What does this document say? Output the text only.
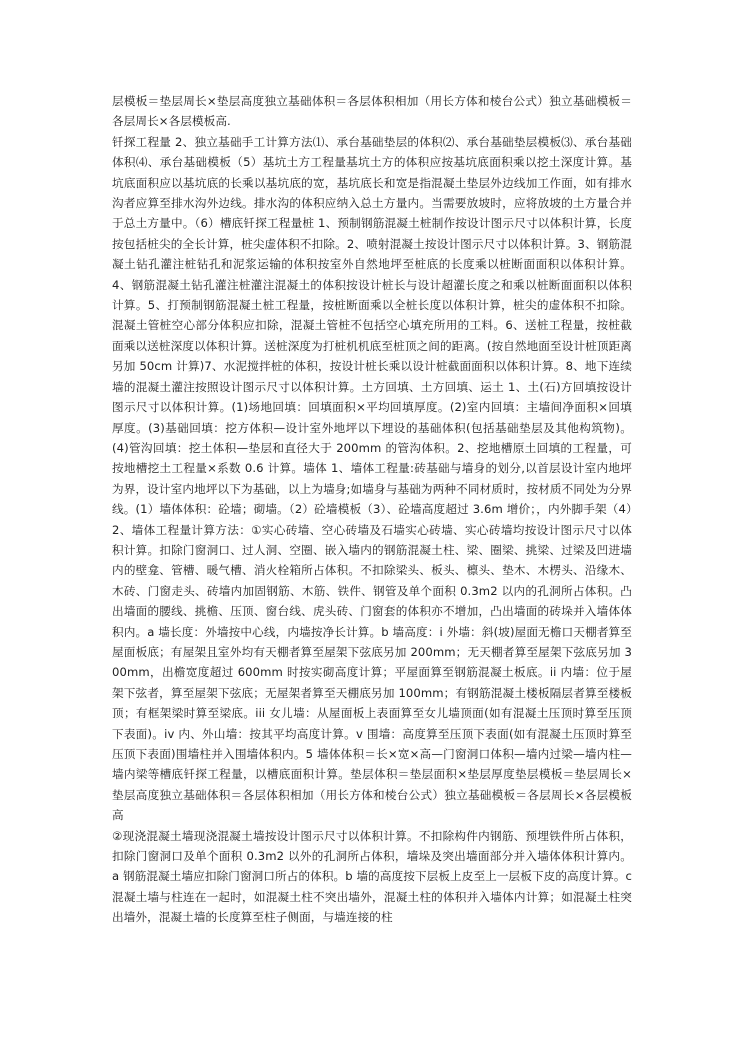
层模板＝垫层周长×垫层高度独立基础体积＝各层体积相加（用长方体和棱台公式）独立基础模板＝各层周长×各层模板高.

钎探工程量 2、独立基础手工计算方法⑴、承台基础垫层的体积⑵、承台基础垫层模板⑶、承台基础体积⑷、承台基础模板（5）基坑土方工程量基坑土方的体积应按基坑底面积乘以挖土深度计算。基坑底面积应以基坑底的长乘以基坑底的宽，基坑底长和宽是指混凝土垫层外边线加工作面，如有排水沟者应算至排水沟外边线。排水沟的体积应纳入总土方量内。当需要放坡时，应将放坡的土方量合并于总土方量中。（6）槽底钎探工程量桩 1、预制钢筋混凝土桩制作按设计图示尺寸以体积计算，长度按包括桩尖的全长计算，桩尖虚体积不扣除。2、喷射混凝土按设计图示尺寸以体积计算。3、钢筋混凝土钻孔灌注桩钻孔和泥浆运输的体积按室外自然地坪至桩底的长度乘以桩断面面积以体积计算。4、钢筋混凝土钻孔灌注桩灌注混凝土的体积按设计桩长与设计超灌长度之和乘以桩断面面积以体积计算。5、打预制钢筋混凝土桩工程量，按桩断面乘以全桩长度以体积计算，桩尖的虚体积不扣除。混凝土管桩空心部分体积应扣除，混凝土管桩不包括空心填充所用的工料。6、送桩工程量，按桩截面乘以送桩深度以体积计算。送桩深度为打桩机机底至桩顶之间的距离。(按自然地面至设计桩顶距离另加 50cm 计算)7、水泥搅拌桩的体积，按设计桩长乘以设计桩截面面积以体积计算。8、地下连续墙的混凝土灌注按照设计图示尺寸以体积计算。土方回填、土方回填、运土 1、土(石)方回填按设计图示尺寸以体积计算。(1)场地回填：回填面积×平均回填厚度。(2)室内回填：主墙间净面积×回填厚度。(3)基础回填：挖方体积—设计室外地坪以下埋设的基础体积(包括基础垫层及其他构筑物)。(4)管沟回填：挖土体积—垫层和直径大于 200mm 的管沟体积。2、挖地槽原土回填的工程量，可按地槽挖土工程量×系数 0.6 计算。墙体 1、墙体工程量:砖基础与墙身的划分,以首层设计室内地坪为界，设计室内地坪以下为基础，以上为墙身;如墙身与基础为两种不同材质时，按材质不同处为分界线。(1）墙体体积：砼墙；砌墙。（2）砼墙模板（3）、砼墙高度超过 3.6m 增价；，内外脚手架（4）2、墙体工程量计算方法：①实心砖墙、空心砖墙及石墙实心砖墙、实心砖墙均按设计图示尺寸以体积计算。扣除门窗洞口、过人洞、空圈、嵌入墙内的钢筋混凝土柱、梁、圈梁、挑梁、过梁及凹进墙内的壁龛、管槽、暖气槽、消火栓箱所占体积。不扣除梁头、板头、檩头、垫木、木楞头、沿缘木、木砖、门窗走头、砖墙内加固钢筋、木筋、铁件、钢管及单个面积 0.3m2 以内的孔洞所占体积。凸出墙面的腰线、挑檐、压顶、窗台线、虎头砖、门窗套的体积亦不增加，凸出墙面的砖垛并入墙体体积内。a 墙长度：外墙按中心线，内墙按净长计算。b 墙高度：i 外墙：斜(坡)屋面无檐口天棚者算至屋面板底；有屋架且室外均有天棚者算至屋架下弦底另加 200mm；无天棚者算至屋架下弦底另加 300mm，出檐宽度超过 600mm 时按实砌高度计算；平屋面算至钢筋混凝土板底。ii 内墙：位于屋架下弦者，算至屋架下弦底；无屋架者算至天棚底另加 100mm；有钢筋混凝土楼板隔层者算至楼板顶；有框架梁时算至梁底。iii 女儿墙：从屋面板上表面算至女儿墙顶面(如有混凝土压顶时算至压顶下表面)。iv 内、外山墙：按其平均高度计算。v 围墙：高度算至压顶下表面(如有混凝土压顶时算至压顶下表面)围墙柱并入围墙体积内。5 墙体体积＝长×宽×高—门窗洞口体积—墙内过梁—墙内柱—墙内梁等槽底钎探工程量，以槽底面积计算。垫层体积＝垫层面积×垫层厚度垫层模板＝垫层周长×垫层高度独立基础体积＝各层体积相加（用长方体和棱台公式）独立基础模板＝各层周长×各层模板高

②现浇混凝土墙现浇混凝土墙按设计图示尺寸以体积计算。不扣除构件内钢筋、预埋铁件所占体积，扣除门窗洞口及单个面积 0.3m2 以外的孔洞所占体积，墙垛及突出墙面部分并入墙体体积计算内。a 钢筋混凝土墙应扣除门窗洞口所占的体积。b 墙的高度按下层板上皮至上一层板下皮的高度计算。c 混凝土墙与柱连在一起时，如混凝土柱不突出墙外，混凝土柱的体积并入墙体内计算；如混凝土柱突出墙外，混凝土墙的长度算至柱子侧面，与墙连接的柱
